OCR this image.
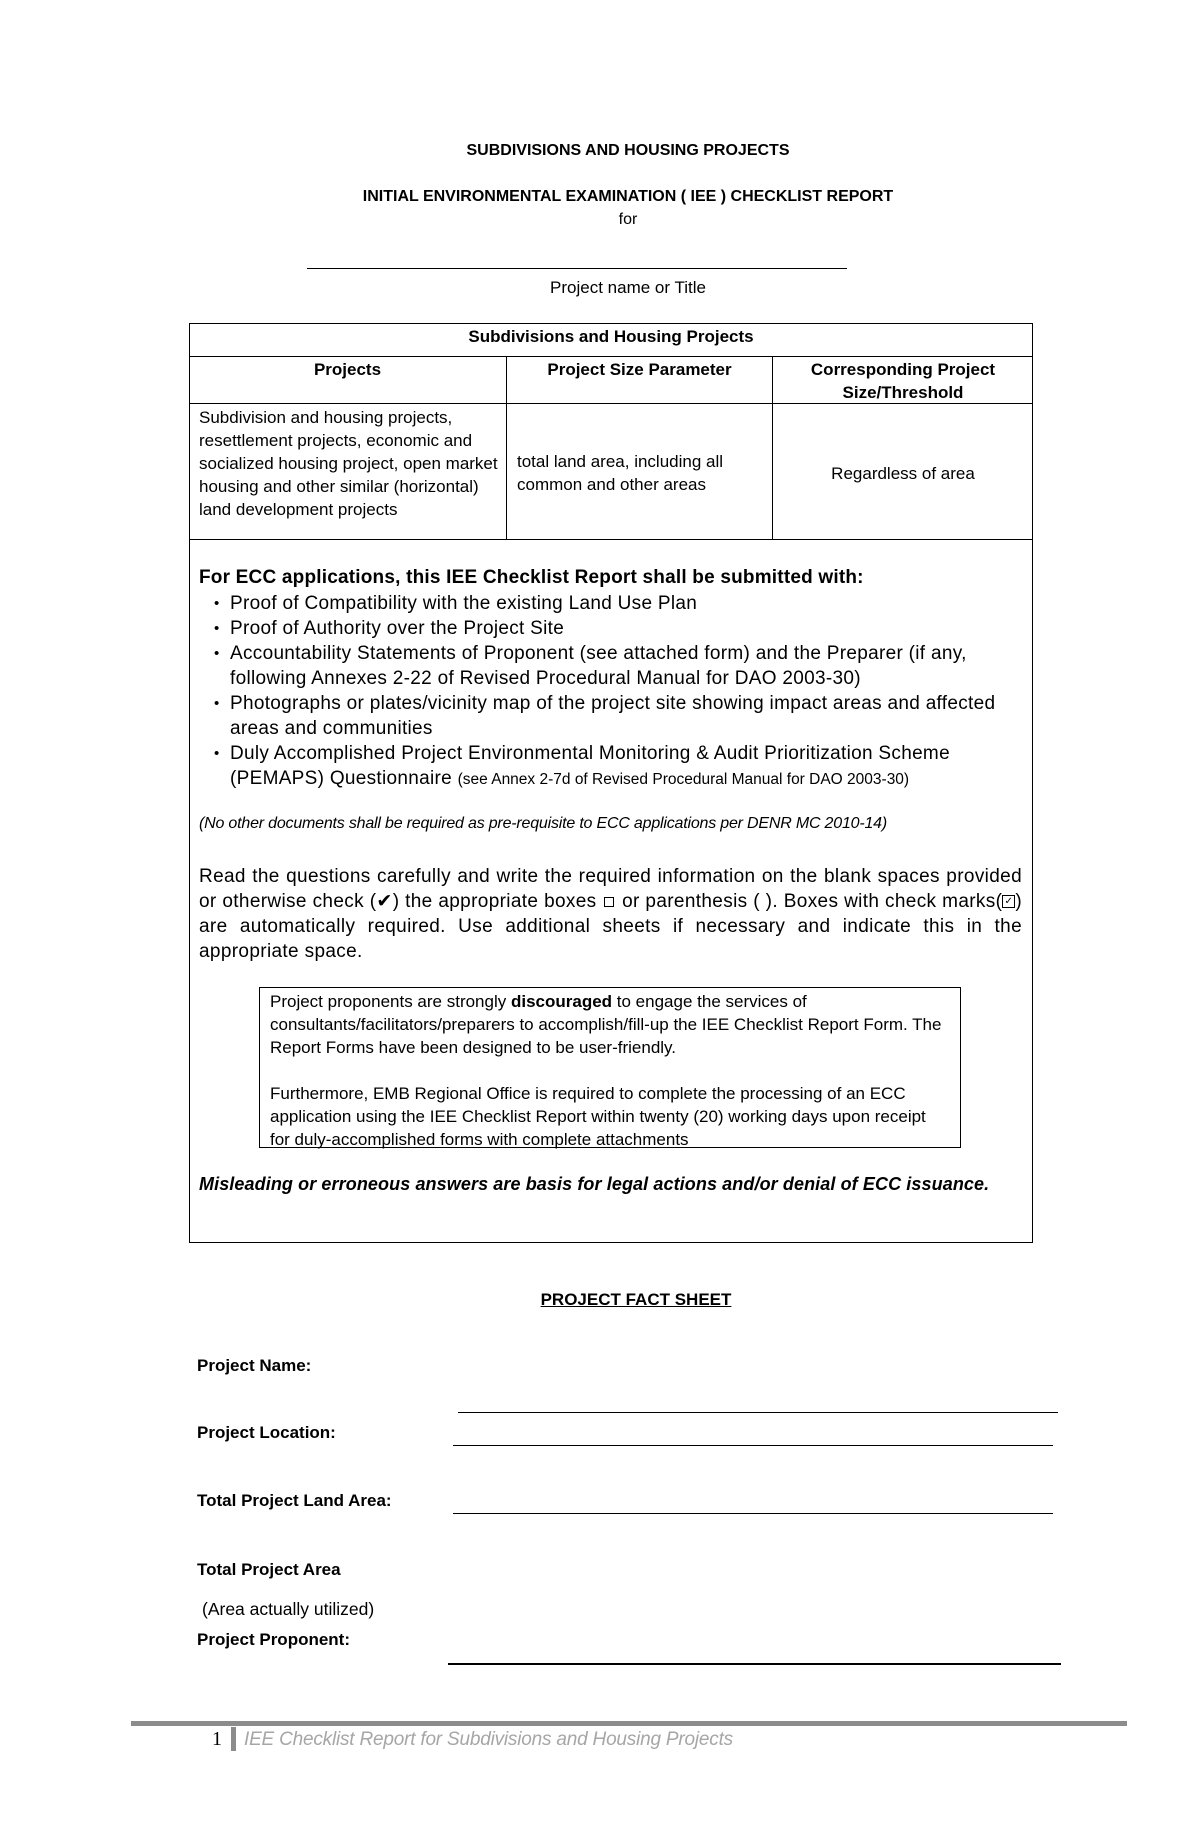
SUBDIVISIONS AND HOUSING PROJECTS
INITIAL ENVIRONMENTAL EXAMINATION ( IEE ) CHECKLIST REPORT
for
Project name or Title
Subdivisions and Housing Projects
Projects	Project Size Parameter	Corresponding Project Size/Threshold
Subdivision and housing projects, resettlement projects, economic and socialized housing project, open market housing and other similar (horizontal) land development projects
total land area, including all common and other areas
Regardless of area
For ECC applications, this IEE Checklist Report shall be submitted with:
• Proof of Compatibility with the existing Land Use Plan
• Proof of Authority over the Project Site
• Accountability Statements of Proponent (see attached form) and the Preparer (if any, following Annexes 2-22 of Revised Procedural Manual for DAO 2003-30)
• Photographs or plates/vicinity map of the project site showing impact areas and affected areas and communities
• Duly Accomplished Project Environmental Monitoring & Audit Prioritization Scheme (PEMAPS) Questionnaire (see Annex 2-7d of Revised Procedural Manual for DAO 2003-30)
(No other documents shall be required as pre-requisite to ECC applications per DENR MC 2010-14)
Read the questions carefully and write the required information on the blank spaces provided or otherwise check (✔) the appropriate boxes or parenthesis ( ). Boxes with check marks( ✓ ) are automatically required. Use additional sheets if necessary and indicate this in the appropriate space.

Project proponents are strongly discouraged to engage the services of consultants/facilitators/preparers to accomplish/fill-up the IEE Checklist Report Form. The Report Forms have been designed to be user-friendly.

Furthermore, EMB Regional Office is required to complete the processing of an ECC application using the IEE Checklist Report within twenty (20) working days upon receipt for duly-accomplished forms with complete attachments

Misleading or erroneous answers are basis for legal actions and/or denial of ECC issuance.
PROJECT FACT SHEET
Project Name:
Project Location:
Total Project Land Area:
Total Project Area
(Area actually utilized)
Project Proponent:
1 IEE Checklist Report for Subdivisions and Housing Projects
